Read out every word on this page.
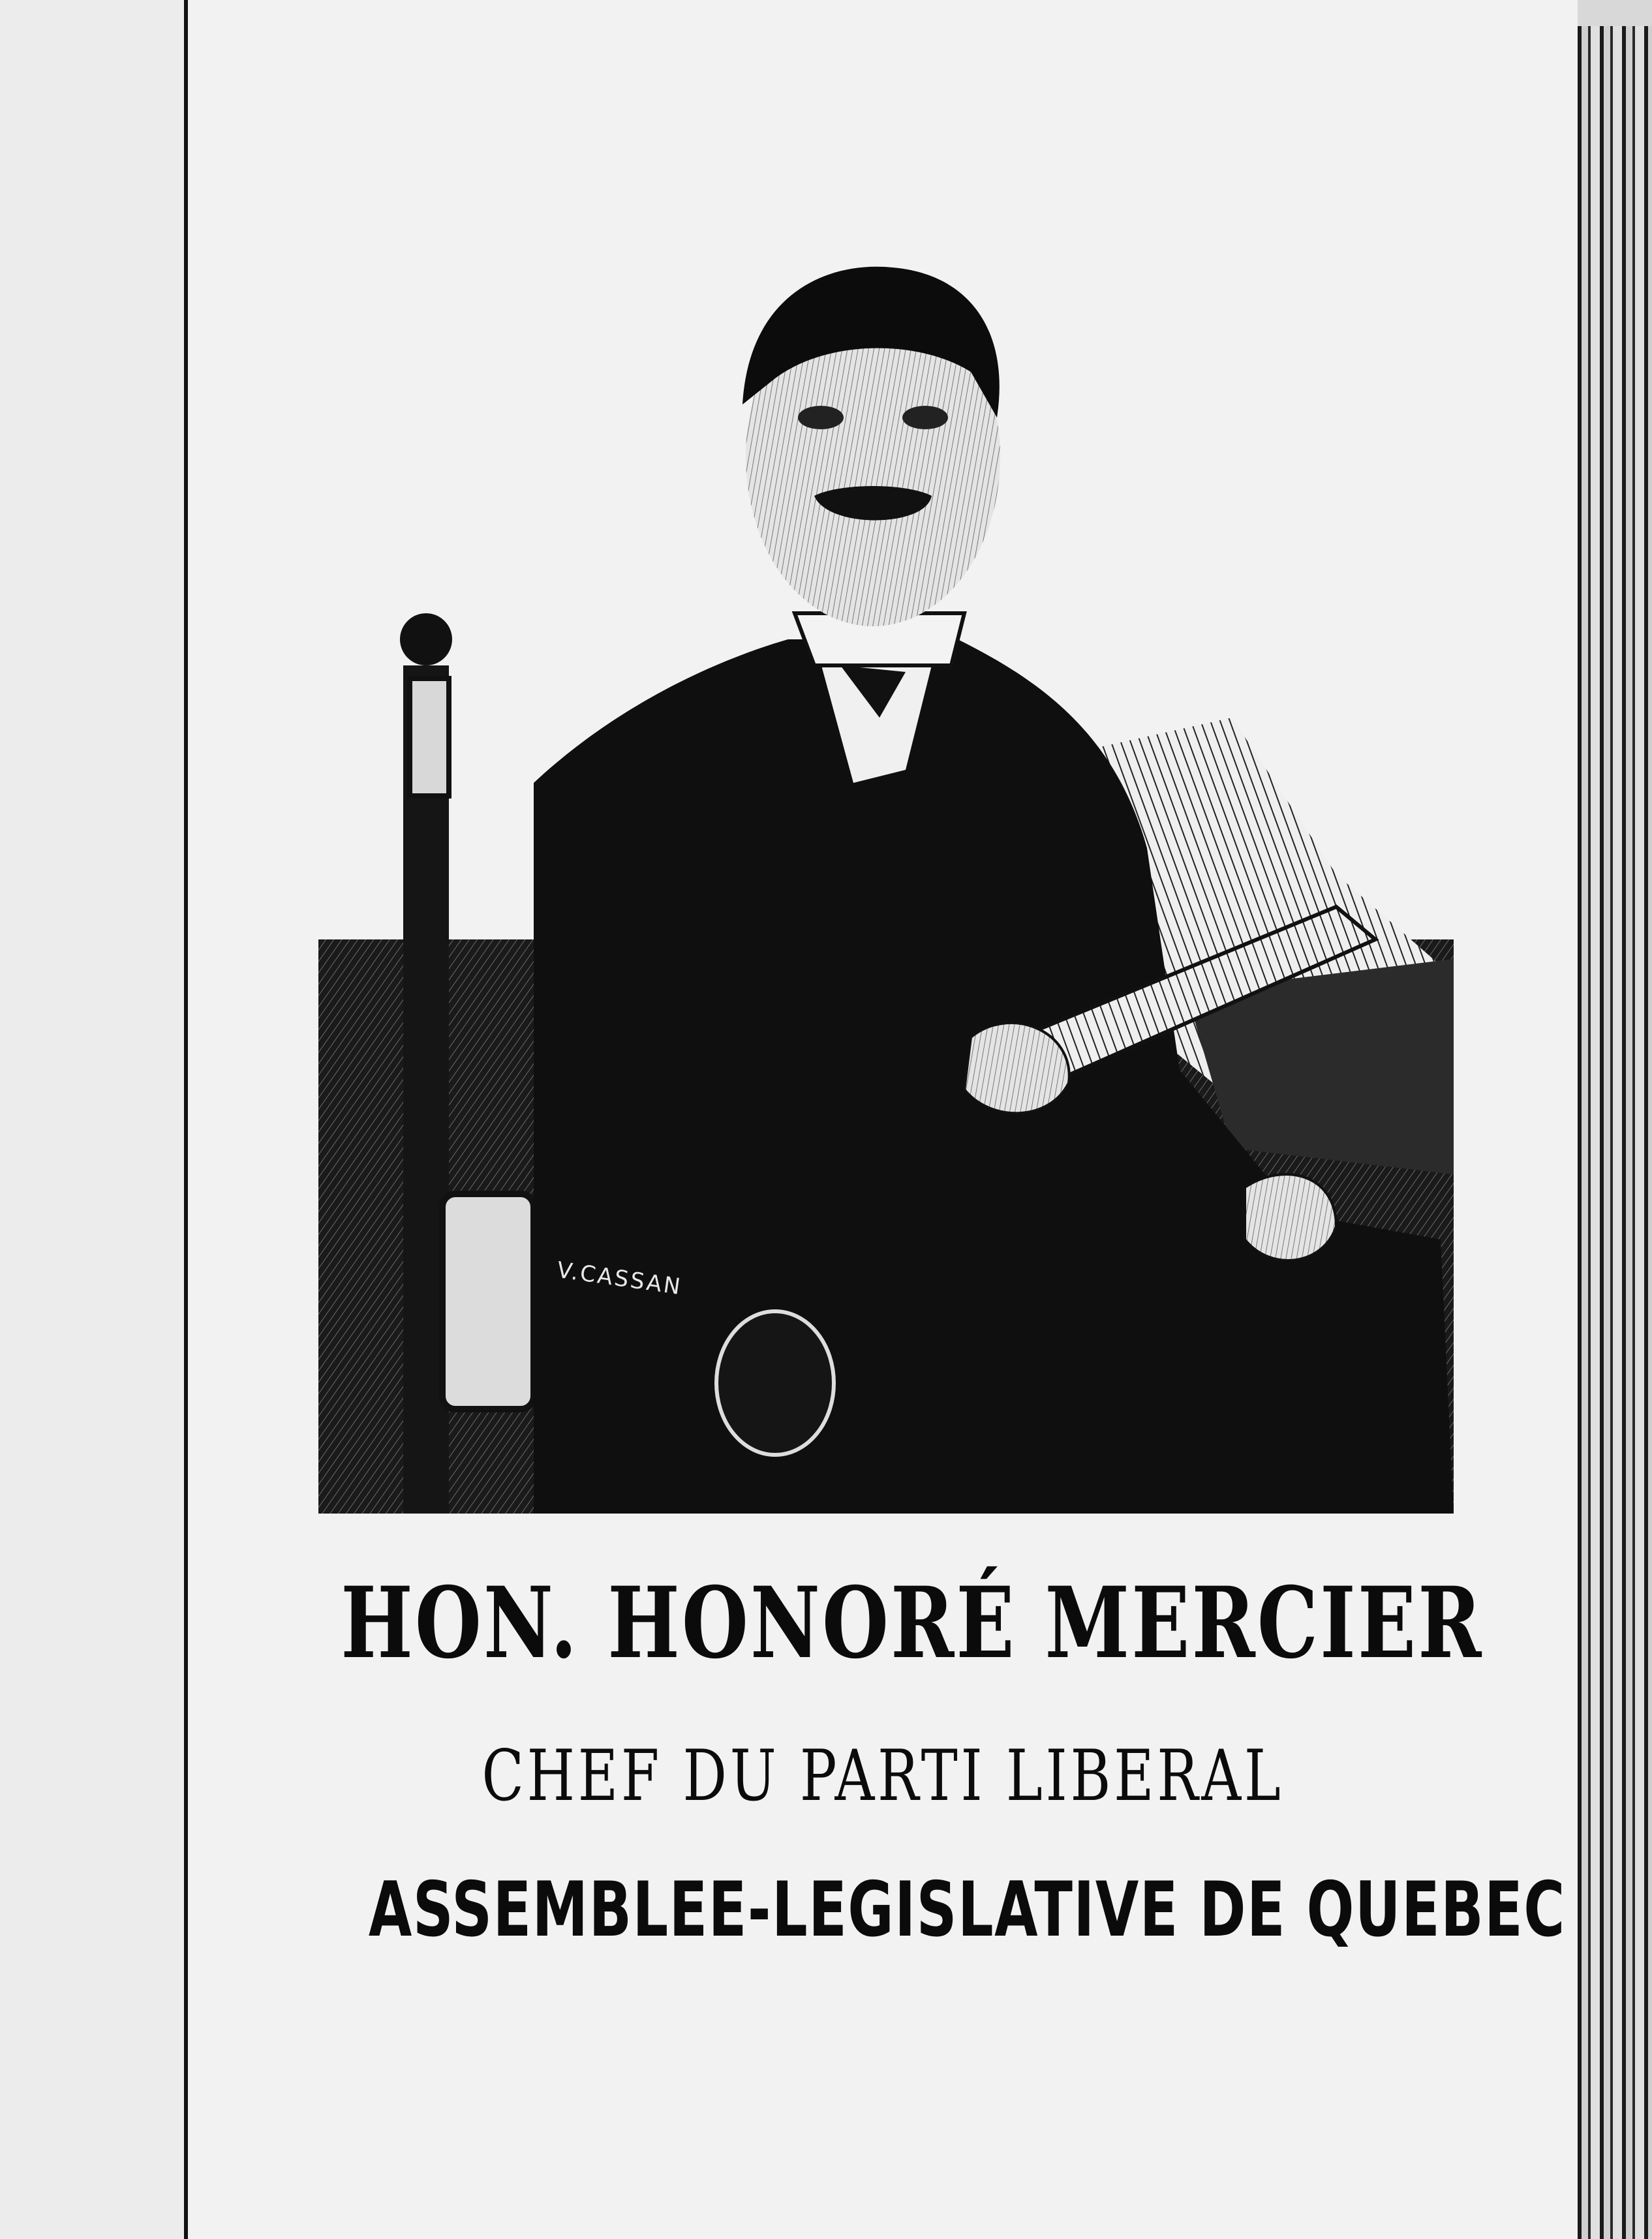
V.CASSAN
HON. HONORÉ MERCIER
CHEF DU PARTI LIBERAL
ASSEMBLEE-LEGISLATIVE DE QUEBEC
